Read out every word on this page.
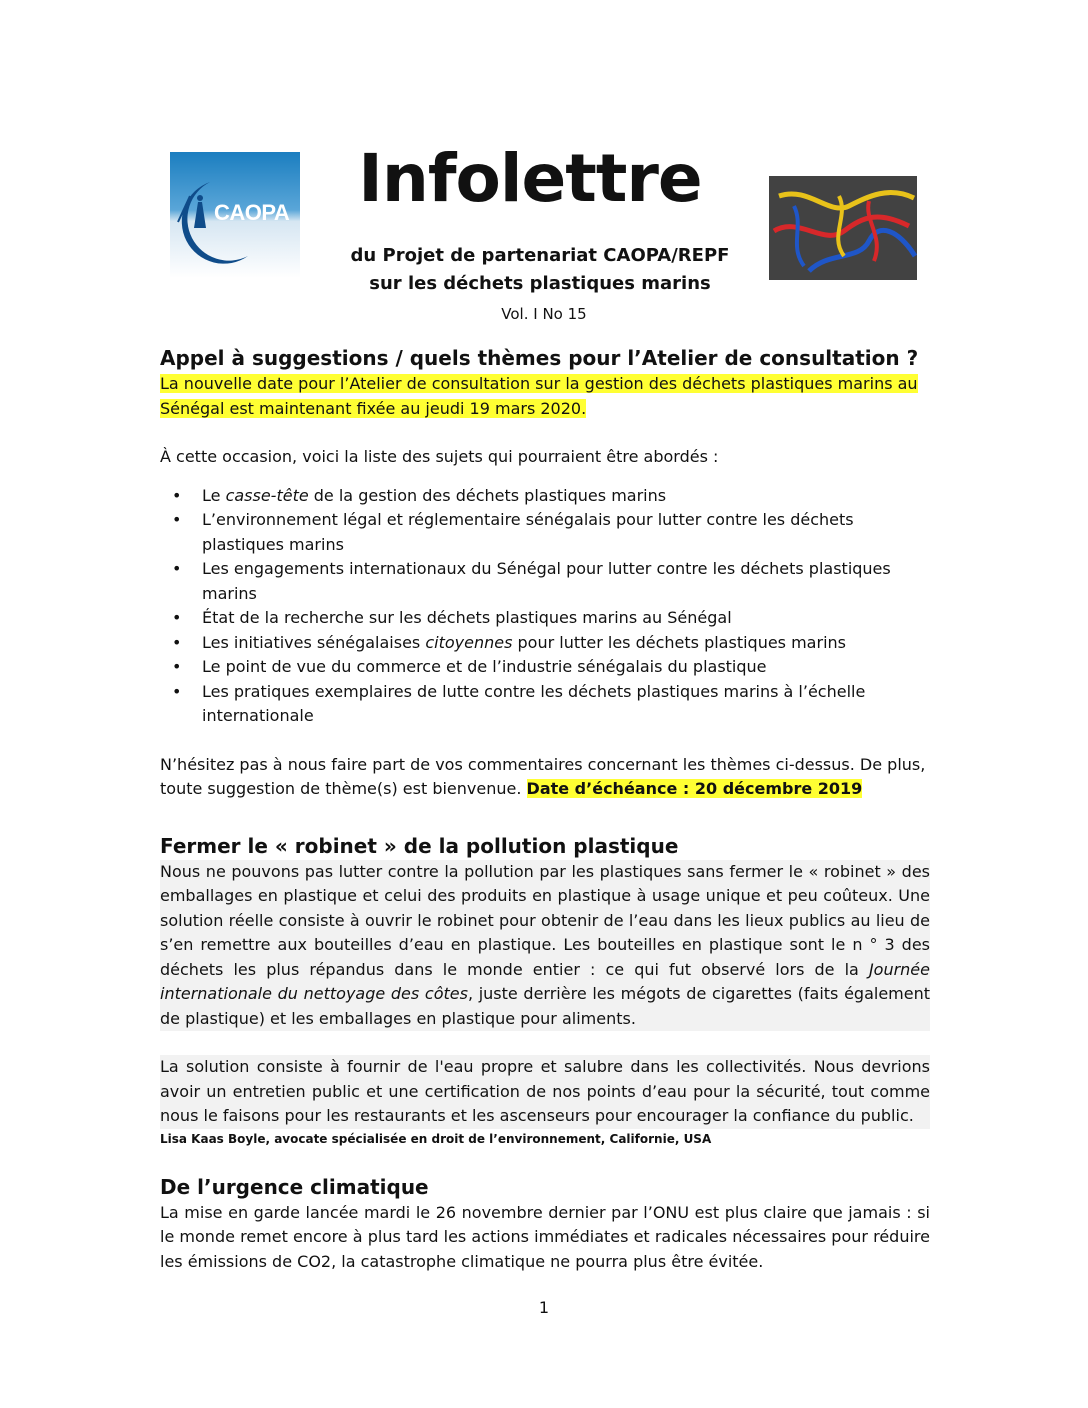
CAOPA	Infolettre
du Projet de partenariat CAOPA/REPF
sur les déchets plastiques marins
Vol. I No 15
Appel à suggestions / quels thèmes pour l’Atelier de consultation ?

La nouvelle date pour l’Atelier de consultation sur la gestion des déchets plastiques marins au Sénégal est maintenant fixée au jeudi 19 mars 2020.

À cette occasion, voici la liste des sujets qui pourraient être abordés :

• Le casse-tête de la gestion des déchets plastiques marins
• L’environnement légal et réglementaire sénégalais pour lutter contre les déchets plastiques marins
• Les engagements internationaux du Sénégal pour lutter contre les déchets plastiques marins
• État de la recherche sur les déchets plastiques marins au Sénégal
• Les initiatives sénégalaises citoyennes pour lutter les déchets plastiques marins
• Le point de vue du commerce et de l’industrie sénégalais du plastique
• Les pratiques exemplaires de lutte contre les déchets plastiques marins à l’échelle internationale

N’hésitez pas à nous faire part de vos commentaires concernant les thèmes ci-dessus. De plus, toute suggestion de thème(s) est bienvenue. Date d’échéance : 20 décembre 2019

Fermer le « robinet » de la pollution plastique

Nous ne pouvons pas lutter contre la pollution par les plastiques sans fermer le « robinet » des emballages en plastique et celui des produits en plastique à usage unique et peu coûteux. Une solution réelle consiste à ouvrir le robinet pour obtenir de l’eau dans les lieux publics au lieu de s’en remettre aux bouteilles d’eau en plastique. Les bouteilles en plastique sont le n ° 3 des déchets les plus répandus dans le monde entier : ce qui fut observé lors de la Journée internationale du nettoyage des côtes, juste derrière les mégots de cigarettes (faits également de plastique) et les emballages en plastique pour aliments.

La solution consiste à fournir de l'eau propre et salubre dans les collectivités. Nous devrions avoir un entretien public et une certification de nos points d’eau pour la sécurité, tout comme nous le faisons pour les restaurants et les ascenseurs pour encourager la confiance du public.

Lisa Kaas Boyle, avocate spécialisée en droit de l’environnement, Californie, USA
De l’urgence climatique

La mise en garde lancée mardi le 26 novembre dernier par l’ONU est plus claire que jamais : si le monde remet encore à plus tard les actions immédiates et radicales nécessaires pour réduire les émissions de CO2, la catastrophe climatique ne pourra plus être évitée.

1
